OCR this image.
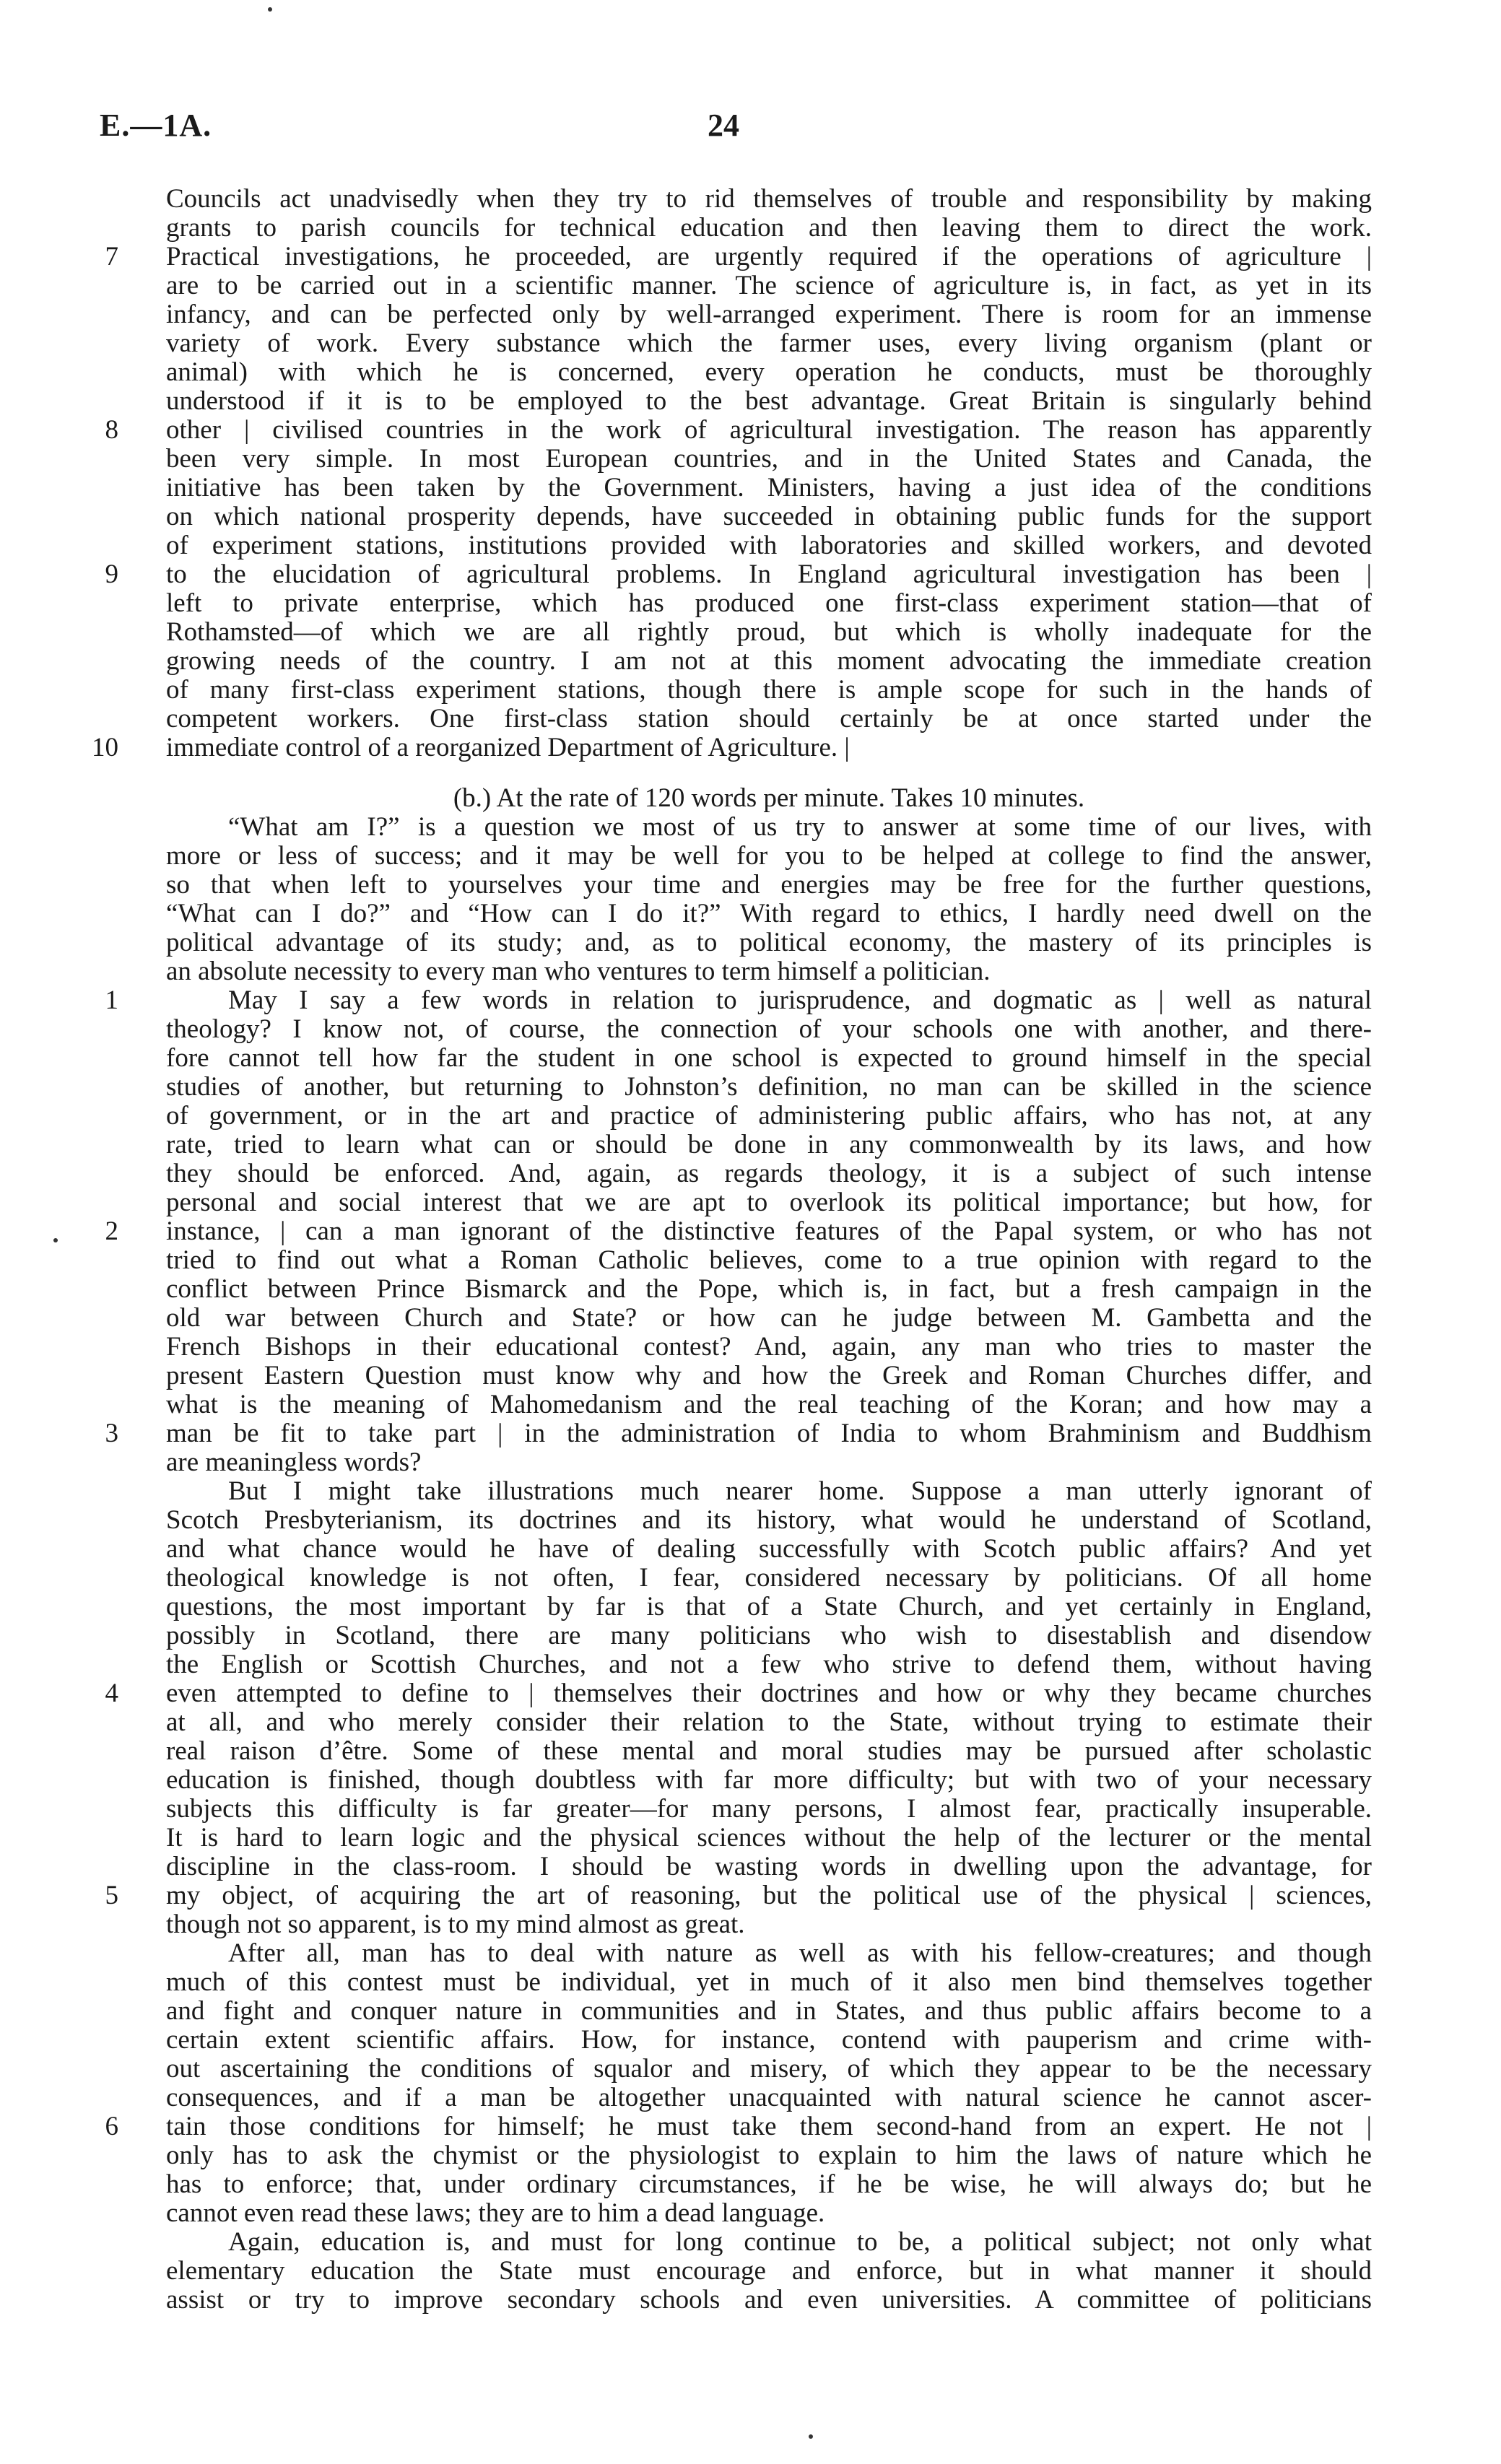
E.—1A.	24
Councils act unadvisedly when they try to rid themselves of trouble and responsibility by making
grants to parish councils for technical education and then leaving them to direct the work.
7 Practical investigations, he proceeded, are urgently required if the operations of agriculture |
are to be carried out in a scientific manner. The science of agriculture is, in fact, as yet in its
infancy, and can be perfected only by well-arranged experiment. There is room for an immense
variety of work. Every substance which the farmer uses, every living organism (plant or
animal) with which he is concerned, every operation he conducts, must be thoroughly
understood if it is to be employed to the best advantage. Great Britain is singularly behind
8 other | civilised countries in the work of agricultural investigation. The reason has apparently
been very simple. In most European countries, and in the United States and Canada, the
initiative has been taken by the Government. Ministers, having a just idea of the conditions
on which national prosperity depends, have succeeded in obtaining public funds for the support
of experiment stations, institutions provided with laboratories and skilled workers, and devoted
9 to the elucidation of agricultural problems. In England agricultural investigation has been |
left to private enterprise, which has produced one first-class experiment station—that of
Rothamsted—of which we are all rightly proud, but which is wholly inadequate for the
growing needs of the country. I am not at this moment advocating the immediate creation
of many first-class experiment stations, though there is ample scope for such in the hands of
competent workers. One first-class station should certainly be at once started under the
10 immediate control of a reorganized Department of Agriculture. |
(b.) At the rate of 120 words per minute. Takes 10 minutes.
“What am I?” is a question we most of us try to answer at some time of our lives, with
more or less of success; and it may be well for you to be helped at college to find the answer,
so that when left to yourselves your time and energies may be free for the further questions,
“What can I do?” and “How can I do it?” With regard to ethics, I hardly need dwell on the
political advantage of its study; and, as to political economy, the mastery of its principles is
an absolute necessity to every man who ventures to term himself a politician.
1	May I say a few words in relation to jurisprudence, and dogmatic as | well as natural
theology? I know not, of course, the connection of your schools one with another, and there-
fore cannot tell how far the student in one school is expected to ground himself in the special
studies of another, but returning to Johnston’s definition, no man can be skilled in the science
of government, or in the art and practice of administering public affairs, who has not, at any
rate, tried to learn what can or should be done in any commonwealth by its laws, and how
they should be enforced. And, again, as regards theology, it is a subject of such intense
personal and social interest that we are apt to overlook its political importance; but how, for
2 instance, | can a man ignorant of the distinctive features of the Papal system, or who has not
tried to find out what a Roman Catholic believes, come to a true opinion with regard to the
conflict between Prince Bismarck and the Pope, which is, in fact, but a fresh campaign in the
old war between Church and State? or how can he judge between M. Gambetta and the
French Bishops in their educational contest? And, again, any man who tries to master the
present Eastern Question must know why and how the Greek and Roman Churches differ, and
what is the meaning of Mahomedanism and the real teaching of the Koran; and how may a
3 man be fit to take part | in the administration of India to whom Brahminism and Buddhism
are meaningless words?
But I might take illustrations much nearer home. Suppose a man utterly ignorant of
Scotch Presbyterianism, its doctrines and its history, what would he understand of Scotland,
and what chance would he have of dealing successfully with Scotch public affairs? And yet
theological knowledge is not often, I fear, considered necessary by politicians. Of all home
questions, the most important by far is that of a State Church, and yet certainly in England,
possibly in Scotland, there are many politicians who wish to disestablish and disendow
the English or Scottish Churches, and not a few who strive to defend them, without having
4 even attempted to define to | themselves their doctrines and how or why they became churches
at all, and who merely consider their relation to the State, without trying to estimate their
real raison d’être. Some of these mental and moral studies may be pursued after scholastic
education is finished, though doubtless with far more difficulty; but with two of your necessary
subjects this difficulty is far greater—for many persons, I almost fear, practically insuperable.
It is hard to learn logic and the physical sciences without the help of the lecturer or the mental
discipline in the class-room. I should be wasting words in dwelling upon the advantage, for
5 my object, of acquiring the art of reasoning, but the political use of the physical | sciences,
though not so apparent, is to my mind almost as great.
After all, man has to deal with nature as well as with his fellow-creatures; and though
much of this contest must be individual, yet in much of it also men bind themselves together
and fight and conquer nature in communities and in States, and thus public affairs become to a
certain extent scientific affairs. How, for instance, contend with pauperism and crime with-
out ascertaining the conditions of squalor and misery, of which they appear to be the necessary
consequences, and if a man be altogether unacquainted with natural science he cannot ascer-
6 tain those conditions for himself; he must take them second-hand from an expert. He not |
only has to ask the chymist or the physiologist to explain to him the laws of nature which he
has to enforce; that, under ordinary circumstances, if he be wise, he will always do; but he
cannot even read these laws; they are to him a dead language.
Again, education is, and must for long continue to be, a political subject; not only what
elementary education the State must encourage and enforce, but in what manner it should
assist or try to improve secondary schools and even universities. A committee of politicians
